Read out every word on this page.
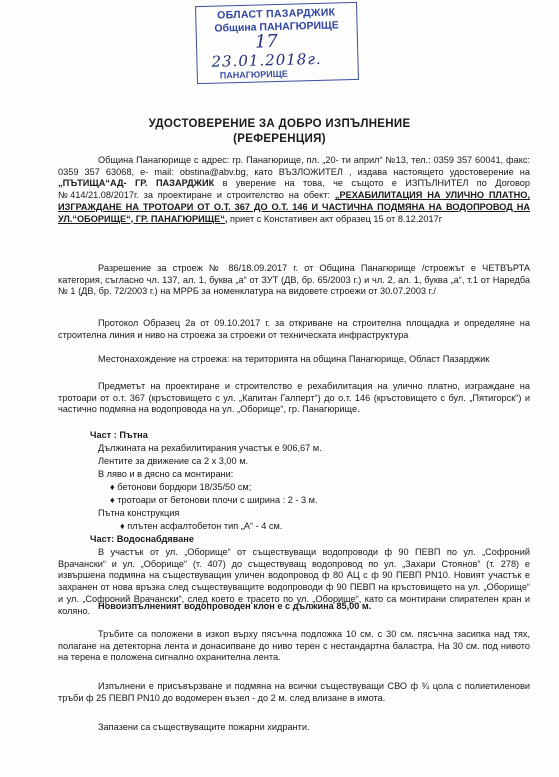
ОБЛАСТ ПАЗАРДЖИК
Община ПАНАГЮРИЩЕ
17
23.01.2018г.
ПАНАГЮРИЩЕ
УДОСТОВЕРЕНИЕ ЗА ДОБРО ИЗПЪЛНЕНИЕ
(РЕФЕРЕНЦИЯ)
Община Панагюрище с адрес: гр. Панагюрище, пл. „20- ти април“ №13, тел.: 0359 357 60041, факс: 0359 357 63068, e- mail: obstina@abv.bg, като ВЪЗЛОЖИТЕЛ , издава настоящето удостоверение на „ПЪТИЩА“АД- ГР. ПАЗАРДЖИК в уверение на това, че същото е ИЗПЪЛНИТЕЛ по Договор №414/21.08/2017г. за проектиране и строителство на обект: „РЕХАБИЛИТАЦИЯ НА УЛИЧНО ПЛАТНО, ИЗГРАЖДАНЕ НА ТРОТОАРИ ОТ О.Т. 367 ДО О.Т. 146 И ЧАСТИЧНА ПОДМЯНА НА ВОДОПРОВОД НА УЛ.“ОБОРИЩЕ“, ГР. ПАНАГЮРИЩЕ“, приет с Констативен акт образец 15 от 8.12.2017г
Разрешение за строеж № 86/18.09.2017 г. от Община Панагюрище /строежът е ЧЕТВЪРТА категория, съгласно чл. 137, ал. 1, буква „а“ от ЗУТ (ДВ, бр. 65/2003 г.) и чл. 2, ал. 1, буква „а“, т.1 от Наредба № 1 (ДВ, бр. 72/2003 г.) на МРРБ за номенклатура на видовете строежи от 30.07.2003 г./
Протокол Образец 2а от 09.10.2017 г. за откриване на строителна площадка и определяне на строителна линия и ниво на строежа за строежи от техническата инфраструктура
Местонахождение на строежа: на територията на община Панагюрище, Област Пазарджик
Предметът на проектиране и строителство е рехабилитация на улично платно, изграждане на тротоари от о.т. 367 (кръстовището с ул. „Капитан Галперт“) до о.т. 146 (кръстовището с бул. „Пятигорск“) и частично подмяна на водопровода на ул. „Оборище“, гр. Панагюрище.
Част : Пътна
Дължината на рехабилитирания участък е 906,67 м.
Лентите за движение са 2 х 3,00 м.
В ляво и в дясно са монтирани:
♦ бетонови бордюри 18/35/50 см;
♦ тротоари от бетонови плочи с ширина : 2 - 3 м.
Пътна конструкция
♦ плътен асфалтобетон тип „А“ - 4 см.
Част: Водоснабдяване
В участък от ул. „Оборище“ от съществуващи водопроводи ф 90 ПЕВП по ул. „Софроний Врачански“ и ул. „Оборище“ (т. 407) до съществуващ водопровод по ул. „Захари Стоянов“ (т. 278) е извършена подмяна на съществуващия уличен водопровод ф 80 АЦ с ф 90 ПЕВП PN10. Новият участък е захранен от нова връзка след съществуващите водопроводи ф 90 ПЕВП на кръстовището на ул. „Оборище“ и ул. „Софроний Врачански“, след което е трасето по ул. „Оборище“, като са монтирани спирателен кран и коляно. Новоизпълненият водопроводен клон е с дължина 85,00 м.
Тръбите са положени в изкоп върху пясъчна подложка 10 см. с 30 см. пясъчна засипка над тях, полагане на детекторна лента и донасипване до ниво терен с нестандартна баластра. На 30 см. под нивото на терена е положена сигнално охранителна лента.
Изпълнени е присъвързване и подмяна на всички съществуващи СВО ф ¾ цола с полиетиленови тръби ф 25 ПЕВП PN10 до водомерен възел - до 2 м. след влизане в имота.
Запазени са съществуващите пожарни хидранти.
